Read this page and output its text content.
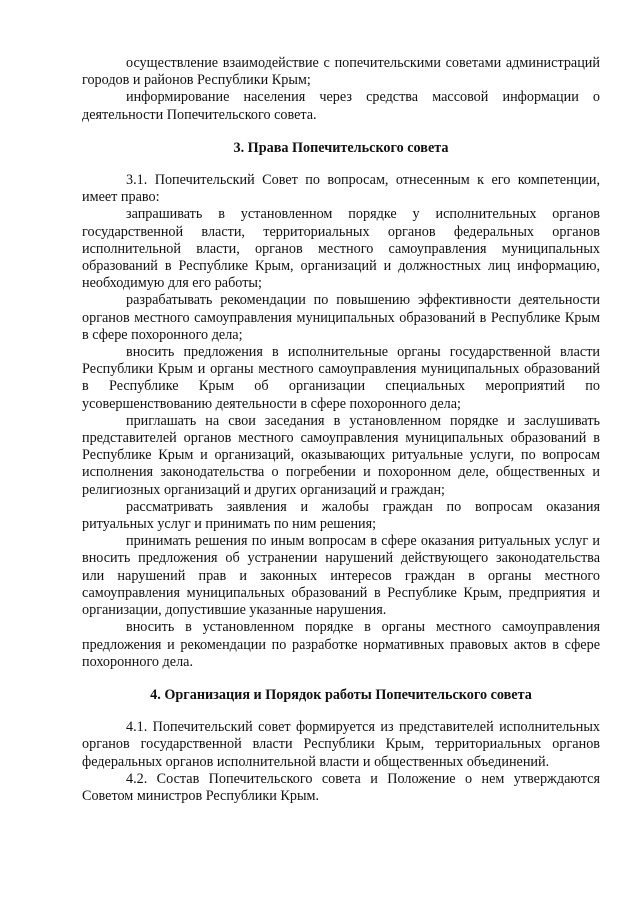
осуществление взаимодействие с попечительскими советами администраций городов и районов Республики Крым;

информирование населения через средства массовой информации о деятельности Попечительского совета.

3. Права Попечительского совета

3.1. Попечительский Совет по вопросам, отнесенным к его компетенции, имеет право:

запрашивать в установленном порядке у исполнительных органов государственной власти, территориальных органов федеральных органов исполнительной власти, органов местного самоуправления муниципальных образований в Республике Крым, организаций и должностных лиц информацию, необходимую для его работы;

разрабатывать рекомендации по повышению эффективности деятельности органов местного самоуправления муниципальных образований в Республике Крым в сфере похоронного дела;

вносить предложения в исполнительные органы государственной власти Республики Крым и органы местного самоуправления муниципальных образований в Республике Крым об организации специальных мероприятий по усовершенствованию деятельности в сфере похоронного дела;

приглашать на свои заседания в установленном порядке и заслушивать представителей органов местного самоуправления муниципальных образований в Республике Крым и организаций, оказывающих ритуальные услуги, по вопросам исполнения законодательства о погребении и похоронном деле, общественных и религиозных организаций и других организаций и граждан;

рассматривать заявления и жалобы граждан по вопросам оказания ритуальных услуг и принимать по ним решения;

принимать решения по иным вопросам в сфере оказания ритуальных услуг и вносить предложения об устранении нарушений действующего законодательства или нарушений прав и законных интересов граждан в органы местного самоуправления муниципальных образований в Республике Крым, предприятия и организации, допустившие указанные нарушения.

вносить в установленном порядке в органы местного самоуправления предложения и рекомендации по разработке нормативных правовых актов в сфере похоронного дела.

4. Организация и Порядок работы Попечительского совета

4.1. Попечительский совет формируется из представителей исполнительных органов государственной власти Республики Крым, территориальных органов федеральных органов исполнительной власти и общественных объединений.

4.2. Состав Попечительского совета и Положение о нем утверждаются Советом министров Республики Крым.
